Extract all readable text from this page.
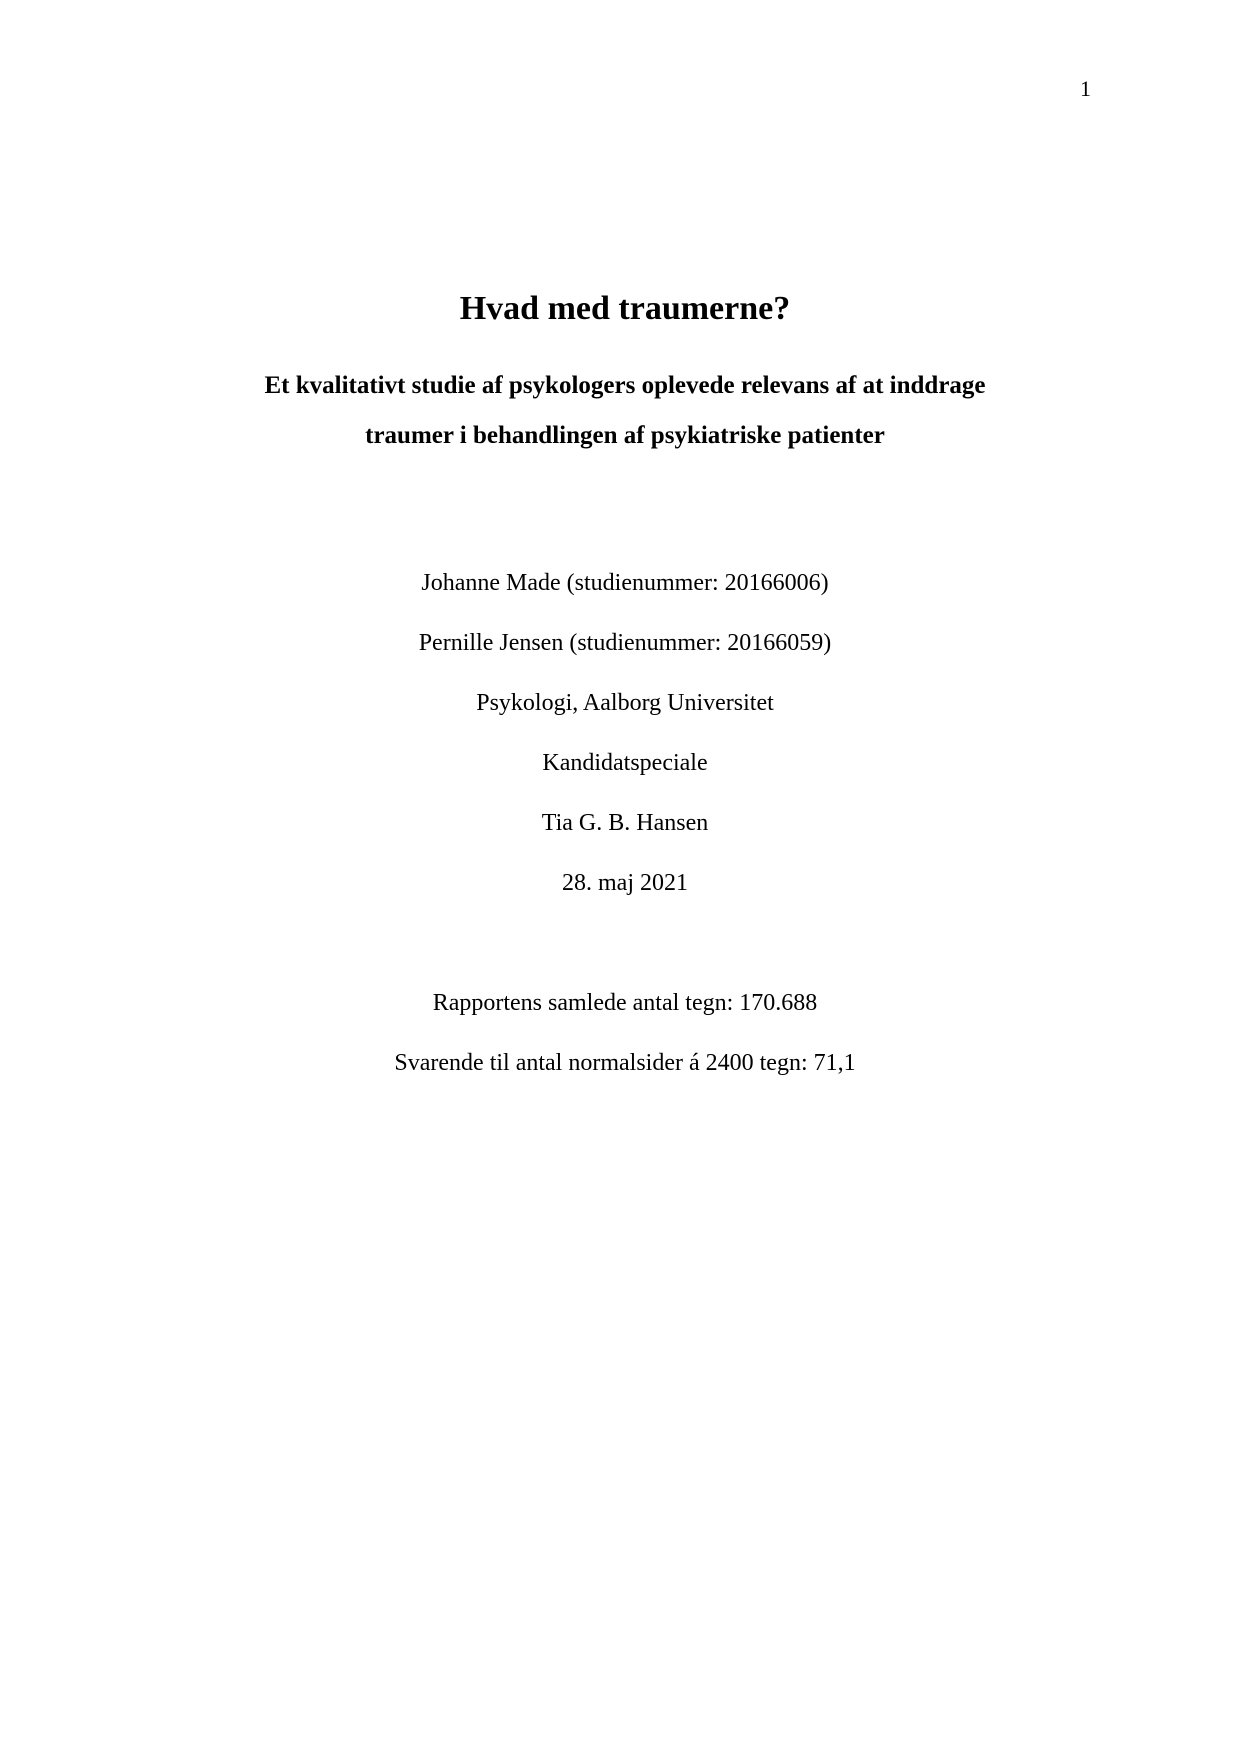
1
Hvad med traumerne?
Et kvalitativt studie af psykologers oplevede relevans af at inddrage
traumer i behandlingen af psykiatriske patienter
Johanne Made (studienummer: 20166006)
Pernille Jensen (studienummer: 20166059)
Psykologi, Aalborg Universitet
Kandidatspeciale
Tia G. B. Hansen
28. maj 2021
Rapportens samlede antal tegn: 170.688
Svarende til antal normalsider á 2400 tegn: 71,1
